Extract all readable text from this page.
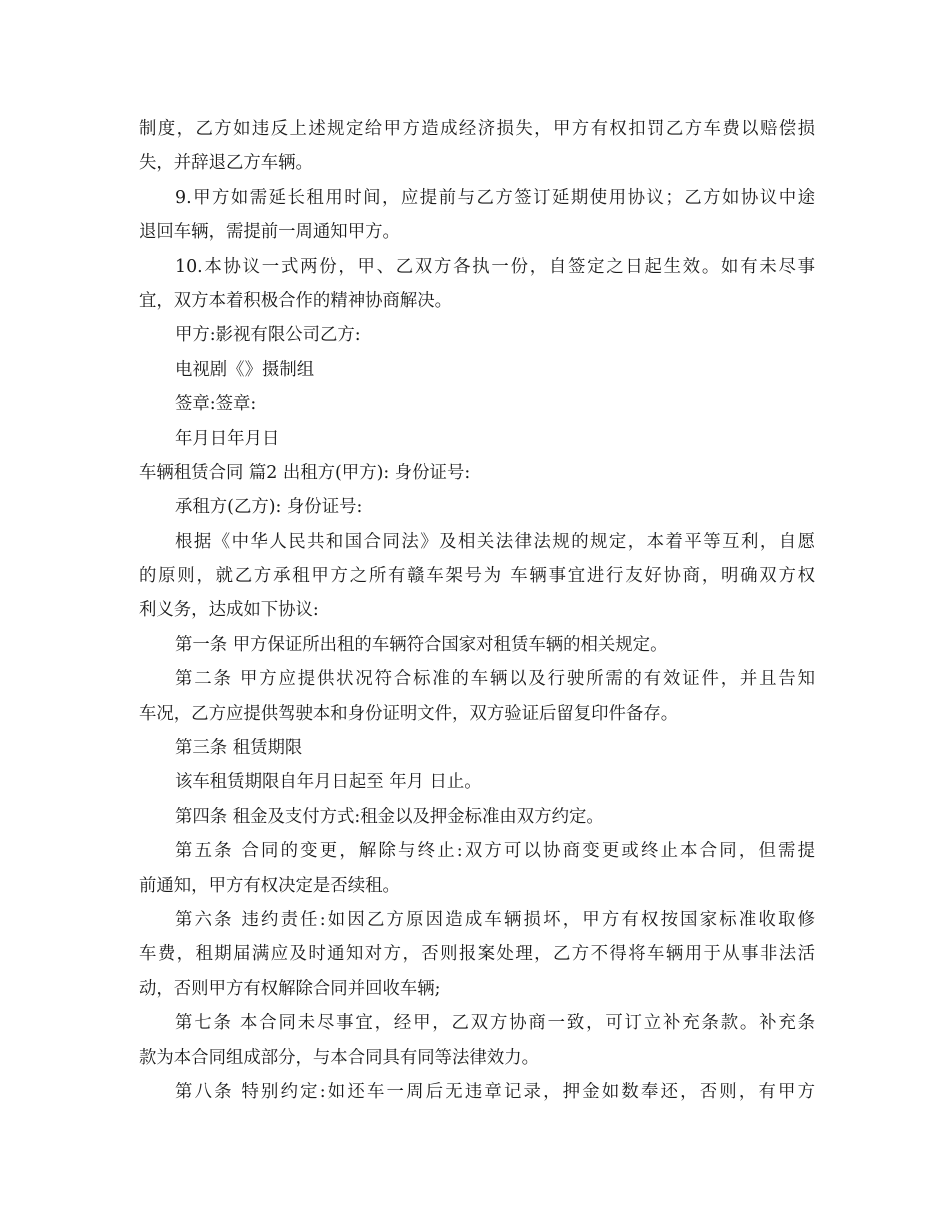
制度，乙方如违反上述规定给甲方造成经济损失，甲方有权扣罚乙方车费以赔偿损
失，并辞退乙方车辆。
9.甲方如需延长租用时间，应提前与乙方签订延期使用协议；乙方如协议中途
退回车辆，需提前一周通知甲方。
10.本协议一式两份，甲、乙双方各执一份，自签定之日起生效。如有未尽事
宜，双方本着积极合作的精神协商解决。
甲方:影视有限公司乙方:
电视剧《》摄制组
签章:签章:
年月日年月日
车辆租赁合同 篇2 出租方(甲方): 身份证号:
承租方(乙方): 身份证号:
根据《中华人民共和国合同法》及相关法律法规的规定，本着平等互利，自愿
的原则，就乙方承租甲方之所有赣车架号为 车辆事宜进行友好协商，明确双方权
利义务，达成如下协议:
第一条 甲方保证所出租的车辆符合国家对租赁车辆的相关规定。
第二条 甲方应提供状况符合标准的车辆以及行驶所需的有效证件，并且告知
车况，乙方应提供驾驶本和身份证明文件，双方验证后留复印件备存。
第三条 租赁期限
该车租赁期限自年月日起至 年月 日止。
第四条 租金及支付方式:租金以及押金标准由双方约定。
第五条 合同的变更，解除与终止:双方可以协商变更或终止本合同，但需提
前通知，甲方有权决定是否续租。
第六条 违约责任:如因乙方原因造成车辆损坏，甲方有权按国家标准收取修
车费，租期届满应及时通知对方，否则报案处理，乙方不得将车辆用于从事非法活
动，否则甲方有权解除合同并回收车辆;
第七条 本合同未尽事宜，经甲，乙双方协商一致，可订立补充条款。补充条
款为本合同组成部分，与本合同具有同等法律效力。
第八条 特别约定:如还车一周后无违章记录，押金如数奉还，否则，有甲方
